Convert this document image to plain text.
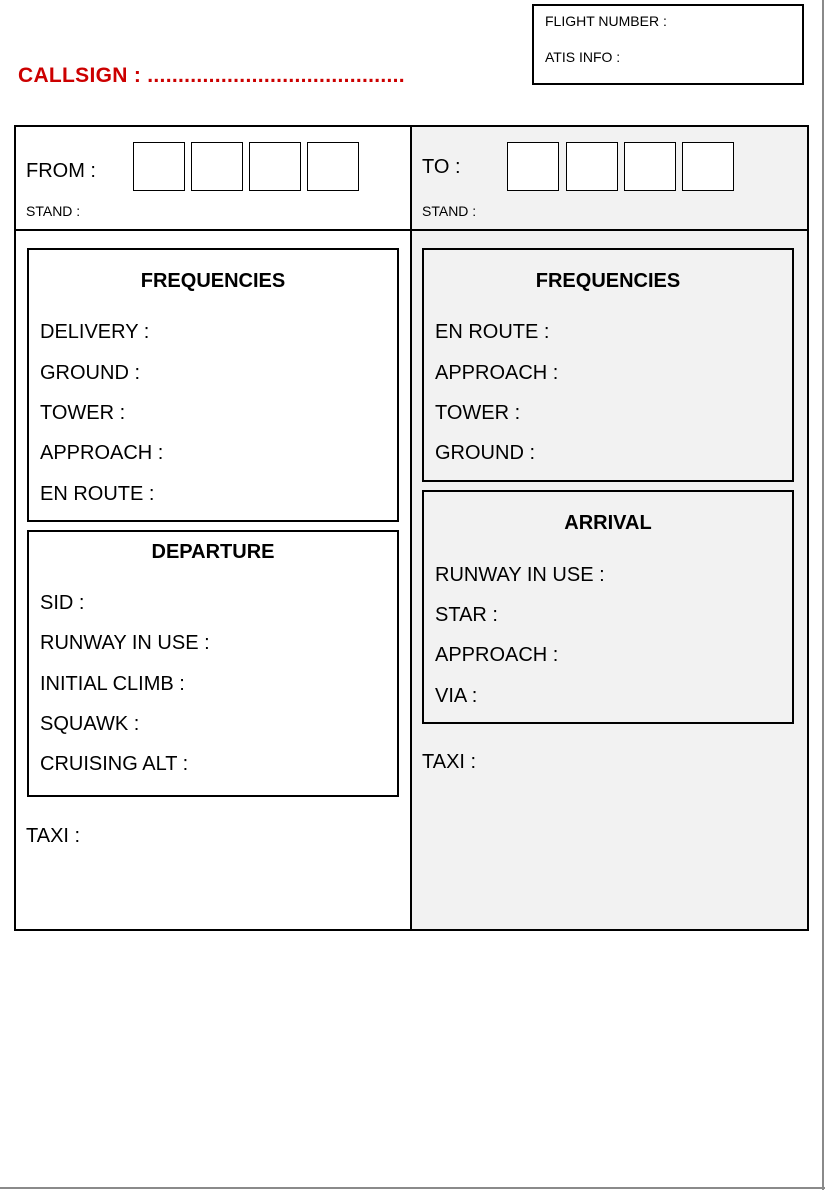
CALLSIGN : ..........................................
FLIGHT NUMBER :
ATIS INFO :
FROM :
STAND :
TO :
STAND :
FREQUENCIES
DELIVERY :
GROUND :
TOWER :
APPROACH :
EN ROUTE :
DEPARTURE
SID :
RUNWAY IN USE :
INITIAL CLIMB :
SQUAWK :
CRUISING ALT :
TAXI :
FREQUENCIES
EN ROUTE :
APPROACH :
TOWER :
GROUND :
ARRIVAL
RUNWAY IN USE :
STAR :
APPROACH :
VIA :
TAXI :
